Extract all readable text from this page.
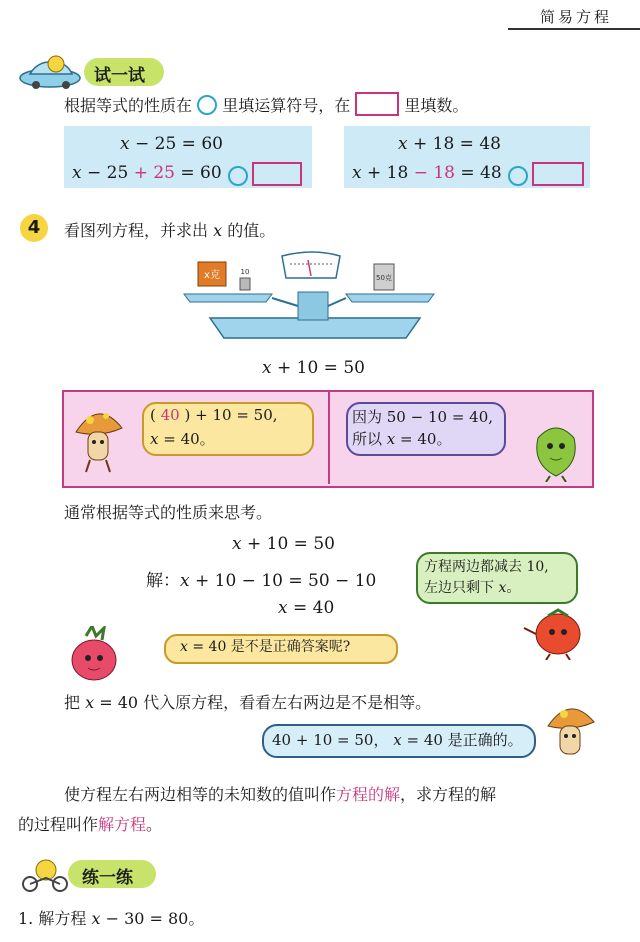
简易方程
试一试
根据等式的性质在 里填运算符号，在	里填数。
x − 25 = 60
x − 25 + 25 = 60
x + 18 = 48
x + 18 − 18 = 48
4	看图列方程，并求出 x 的值。
x克	10
50克
x + 10 = 50
( 40 ) + 10 = 50,
x = 40。
因为 50 − 10 = 40,
所以 x = 40。
通常根据等式的性质来思考。
x + 10 = 50
解：x + 10 − 10 = 50 − 10
x = 40
方程两边都减去 10,
左边只剩下 x。
x = 40 是不是正确答案呢?
把 x = 40 代入原方程，看看左右两边是不是相等。
40 + 10 = 50， x = 40 是正确的。
使方程左右两边相等的未知数的值叫作方程的解，求方程的解
的过程叫作解方程。
练一练
1. 解方程 x − 30 = 80。
